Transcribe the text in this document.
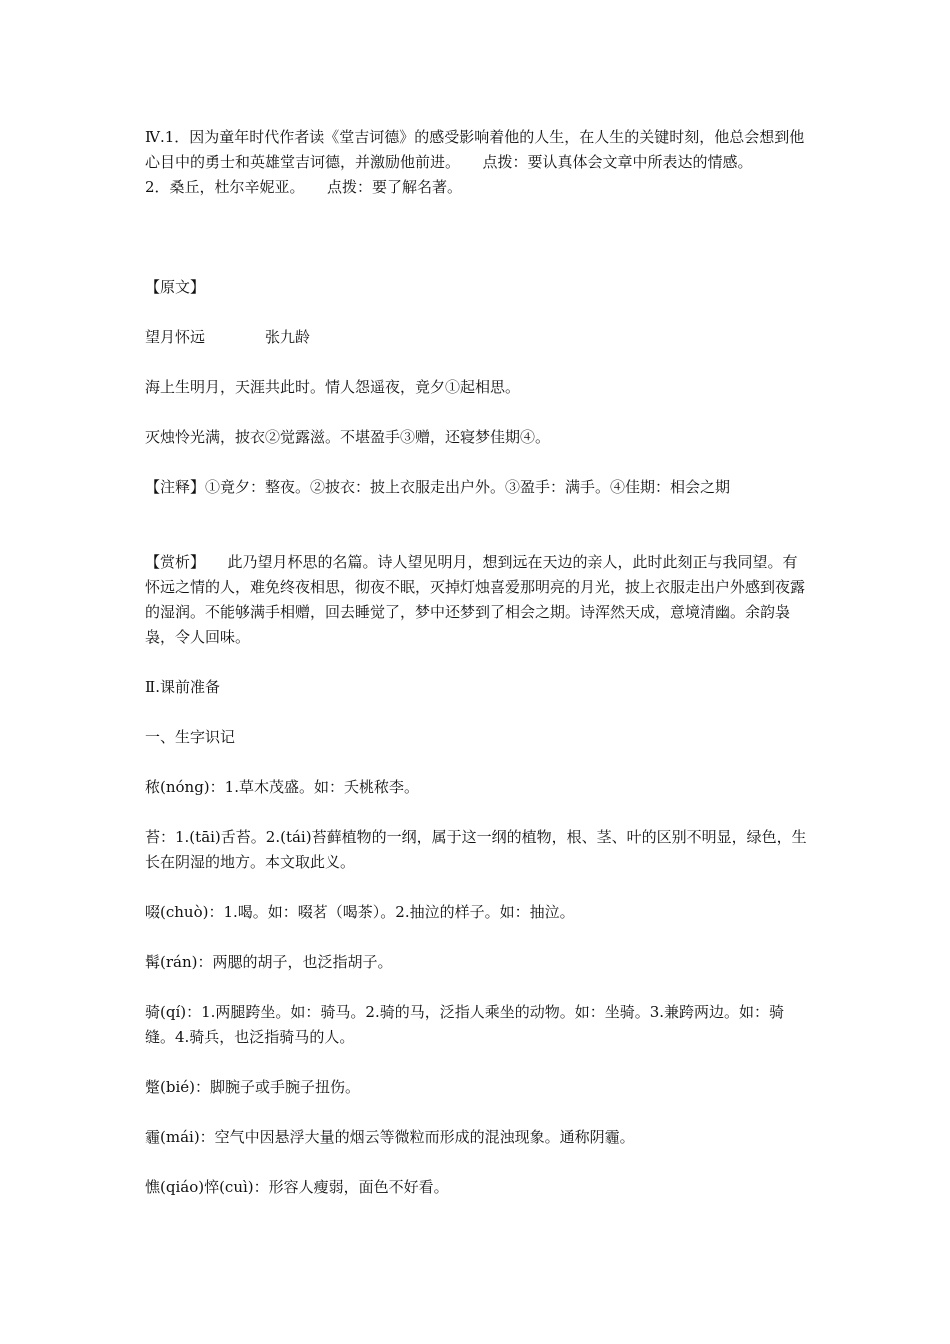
Ⅳ.1．因为童年时代作者读《堂吉诃德》的感受影响着他的人生，在人生的关键时刻，他总会想到他心目中的勇士和英雄堂吉诃德，并激励他前进。　　点拨：要认真体会文章中所表达的情感。

2．桑丘，杜尔辛妮亚。　　点拨：要了解名著。

【原文】

望月怀远　　　　张九龄

海上生明月，天涯共此时。情人怨遥夜，竟夕①起相思。

灭烛怜光满，披衣②觉露滋。不堪盈手③赠，还寝梦佳期④。

【注释】①竟夕：整夜。②披衣：披上衣服走出户外。③盈手：满手。④佳期：相会之期

【赏析】　　此乃望月杯思的名篇。诗人望见明月，想到远在天边的亲人，此时此刻正与我同望。有怀远之情的人，难免终夜相思，彻夜不眠，灭掉灯烛喜爱那明亮的月光，披上衣服走出户外感到夜露的湿润。不能够满手相赠，回去睡觉了，梦中还梦到了相会之期。诗浑然天成，意境清幽。余韵袅袅，令人回味。

Ⅱ.课前准备

一、生字识记

秾(nóng)：1.草木茂盛。如：夭桃秾李。

苔：1.(tāi)舌苔。2.(tái)苔藓植物的一纲，属于这一纲的植物，根、茎、叶的区别不明显，绿色，生长在阴湿的地方。本文取此义。

啜(chuò)：1.喝。如：啜茗（喝茶）。2.抽泣的样子。如：抽泣。

髯(rán)：两腮的胡子，也泛指胡子。

骑(qí)：1.两腿跨坐。如：骑马。2.骑的马，泛指人乘坐的动物。如：坐骑。3.兼跨两边。如：骑缝。4.骑兵，也泛指骑马的人。

蹩(bié)：脚腕子或手腕子扭伤。

霾(mái)：空气中因悬浮大量的烟云等微粒而形成的混浊现象。通称阴霾。

憔(qiáo)悴(cuì)：形容人瘦弱，面色不好看。
